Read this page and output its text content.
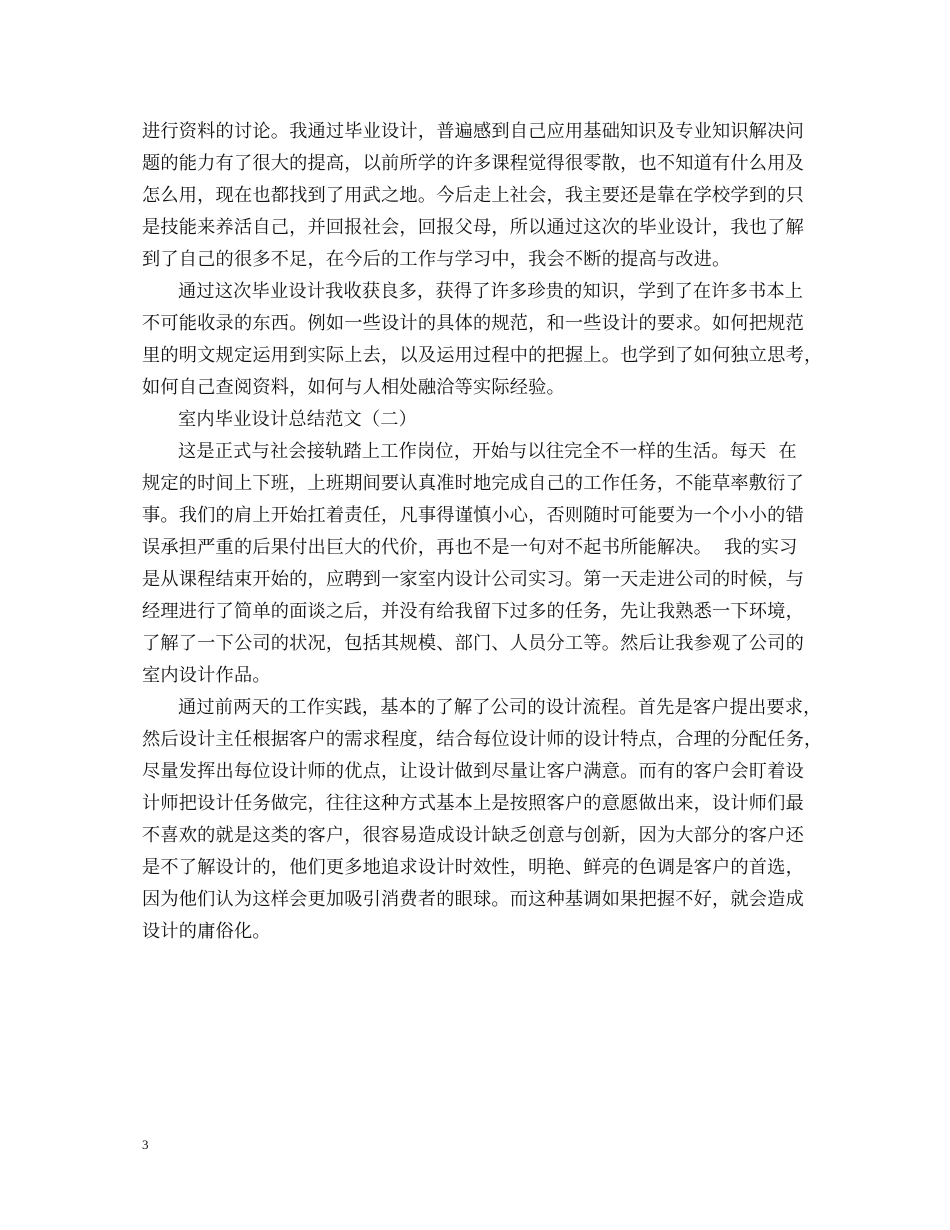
进行资料的讨论。我通过毕业设计，普遍感到自己应用基础知识及专业知识解决问
题的能力有了很大的提高，以前所学的许多课程觉得很零散，也不知道有什么用及
怎么用，现在也都找到了用武之地。今后走上社会，我主要还是靠在学校学到的只
是技能来养活自己，并回报社会，回报父母，所以通过这次的毕业设计，我也了解
到了自己的很多不足，在今后的工作与学习中，我会不断的提高与改进。
通过这次毕业设计我收获良多，获得了许多珍贵的知识，学到了在许多书本上
不可能收录的东西。例如一些设计的具体的规范，和一些设计的要求。如何把规范
里的明文规定运用到实际上去，以及运用过程中的把握上。也学到了如何独立思考，
如何自己查阅资料，如何与人相处融洽等实际经验。
室内毕业设计总结范文（二）
这是正式与社会接轨踏上工作岗位，开始与以往完全不一样的生活。每天  在
规定的时间上下班，上班期间要认真准时地完成自己的工作任务，不能草率敷衍了
事。我们的肩上开始扛着责任，凡事得谨慎小心，否则随时可能要为一个小小的错
误承担严重的后果付出巨大的代价，再也不是一句对不起书所能解决。  我的实习
是从课程结束开始的，应聘到一家室内设计公司实习。第一天走进公司的时候，与
经理进行了简单的面谈之后，并没有给我留下过多的任务，先让我熟悉一下环境，
了解了一下公司的状况，包括其规模、部门、人员分工等。然后让我参观了公司的
室内设计作品。
通过前两天的工作实践，基本的了解了公司的设计流程。首先是客户提出要求，
然后设计主任根据客户的需求程度，结合每位设计师的设计特点，合理的分配任务，
尽量发挥出每位设计师的优点，让设计做到尽量让客户满意。而有的客户会盯着设
计师把设计任务做完，往往这种方式基本上是按照客户的意愿做出来，设计师们最
不喜欢的就是这类的客户，很容易造成设计缺乏创意与创新，因为大部分的客户还
是不了解设计的，他们更多地追求设计时效性，明艳、鲜亮的色调是客户的首选，
因为他们认为这样会更加吸引消费者的眼球。而这种基调如果把握不好，就会造成
设计的庸俗化。
3
